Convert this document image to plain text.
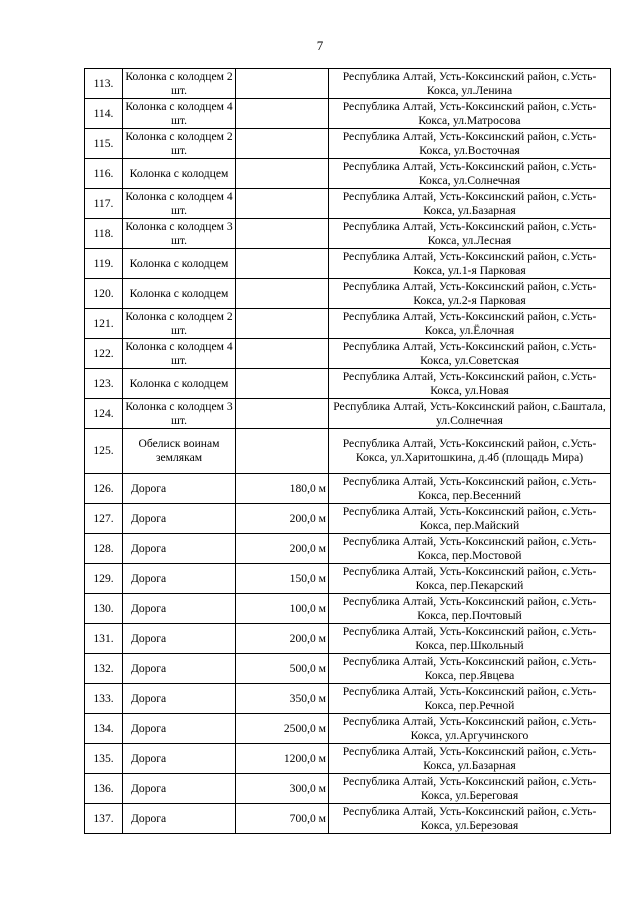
7
113.	Колонка с колодцем 2 шт.		Республика Алтай, Усть-Коксинский район, с.Усть-Кокса, ул.Ленина
114.	Колонка с колодцем 4 шт.		Республика Алтай, Усть-Коксинский район, с.Усть-Кокса, ул.Матросова
115.	Колонка с колодцем 2 шт.		Республика Алтай, Усть-Коксинский район, с.Усть-Кокса, ул.Восточная
116.	Колонка с колодцем		Республика Алтай, Усть-Коксинский район, с.Усть-Кокса, ул.Солнечная
117.	Колонка с колодцем 4 шт.		Республика Алтай, Усть-Коксинский район, с.Усть-Кокса, ул.Базарная
118.	Колонка с колодцем 3 шт.		Республика Алтай, Усть-Коксинский район, с.Усть-Кокса, ул.Лесная
119.	Колонка с колодцем		Республика Алтай, Усть-Коксинский район, с.Усть-Кокса, ул.1-я Парковая
120.	Колонка с колодцем		Республика Алтай, Усть-Коксинский район, с.Усть-Кокса, ул.2-я Парковая
121.	Колонка с колодцем 2 шт.		Республика Алтай, Усть-Коксинский район, с.Усть-Кокса, ул.Ёлочная
122.	Колонка с колодцем 4 шт.		Республика Алтай, Усть-Коксинский район, с.Усть-Кокса, ул.Советская
123.	Колонка с колодцем		Республика Алтай, Усть-Коксинский район, с.Усть-Кокса, ул.Новая
124.	Колонка с колодцем 3 шт.		Республика Алтай, Усть-Коксинский район, с.Баштала, ул.Солнечная
125.	Обелиск воинам землякам		Республика Алтай, Усть-Коксинский район, с.Усть-Кокса, ул.Харитошкина, д.4б (площадь Мира)
126.	Дорога	180,0 м	Республика Алтай, Усть-Коксинский район, с.Усть-Кокса, пер.Весенний
127.	Дорога	200,0 м	Республика Алтай, Усть-Коксинский район, с.Усть-Кокса, пер.Майский
128.	Дорога	200,0 м	Республика Алтай, Усть-Коксинский район, с.Усть-Кокса, пер.Мостовой
129.	Дорога	150,0 м	Республика Алтай, Усть-Коксинский район, с.Усть-Кокса, пер.Пекарский
130.	Дорога	100,0 м	Республика Алтай, Усть-Коксинский район, с.Усть-Кокса, пер.Почтовый
131.	Дорога	200,0 м	Республика Алтай, Усть-Коксинский район, с.Усть-Кокса, пер.Школьный
132.	Дорога	500,0 м	Республика Алтай, Усть-Коксинский район, с.Усть-Кокса, пер.Явцева
133.	Дорога	350,0 м	Республика Алтай, Усть-Коксинский район, с.Усть-Кокса, пер.Речной
134.	Дорога	2500,0 м	Республика Алтай, Усть-Коксинский район, с.Усть-Кокса, ул.Аргучинского
135.	Дорога	1200,0 м	Республика Алтай, Усть-Коксинский район, с.Усть-Кокса, ул.Базарная
136.	Дорога	300,0 м	Республика Алтай, Усть-Коксинский район, с.Усть-Кокса, ул.Береговая
137.	Дорога	700,0 м	Республика Алтай, Усть-Коксинский район, с.Усть-Кокса, ул.Березовая
